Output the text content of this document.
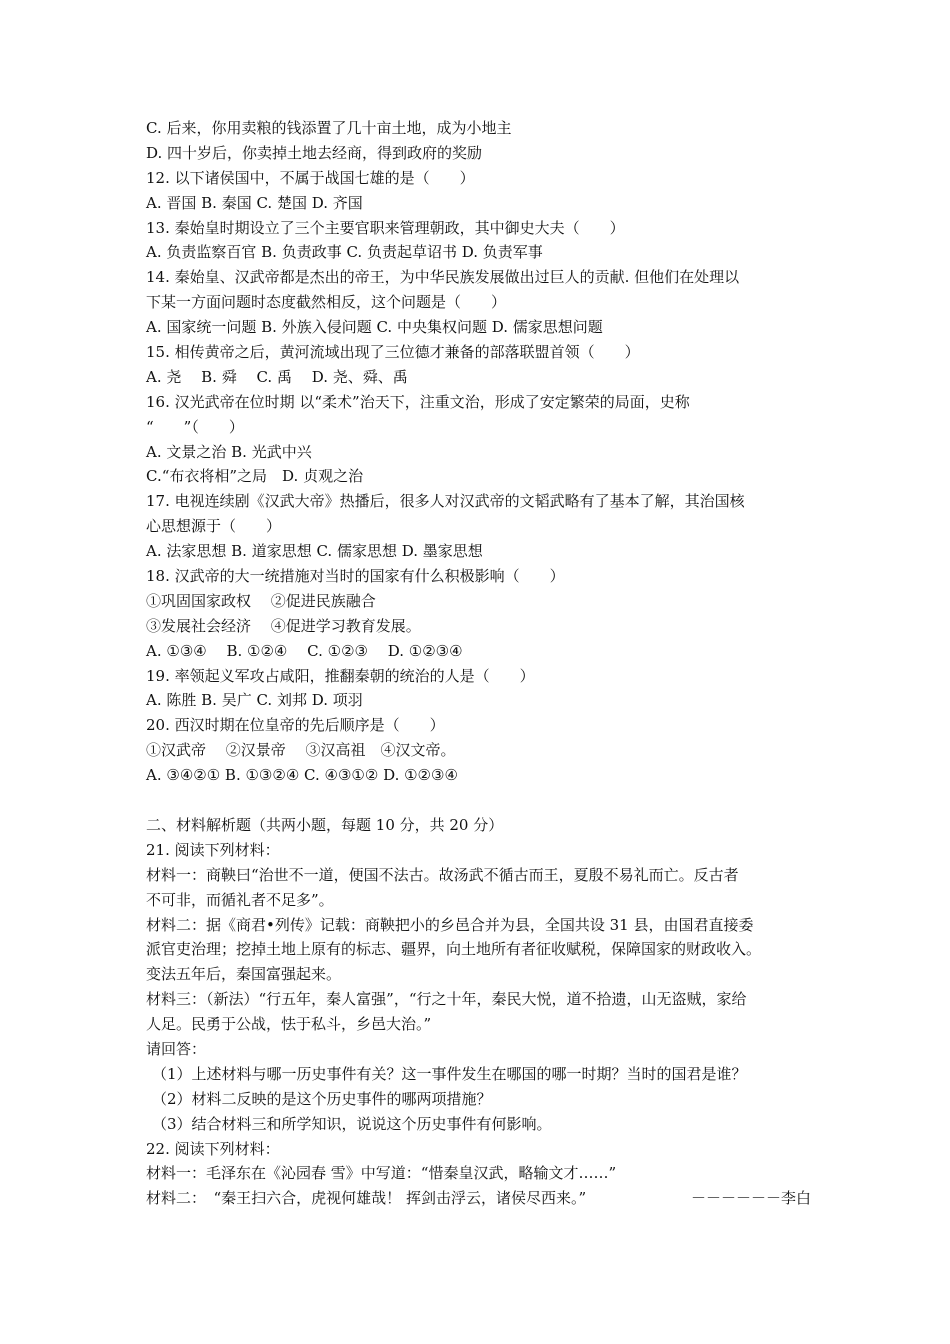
C. 后来，你用卖粮的钱添置了几十亩土地，成为小地主
D. 四十岁后，你卖掉土地去经商，得到政府的奖励
12. 以下诸侯国中，不属于战国七雄的是（　　）
A. 晋国 B. 秦国 C. 楚国 D. 齐国
13. 秦始皇时期设立了三个主要官职来管理朝政，其中御史大夫（　　）
A. 负责监察百官 B. 负责政事 C. 负责起草诏书 D. 负责军事
14. 秦始皇、汉武帝都是杰出的帝王，为中华民族发展做出过巨人的贡献. 但他们在处理以
下某一方面问题时态度截然相反，这个问题是（　　）
A. 国家统一问题 B. 外族入侵问题 C. 中央集权问题 D. 儒家思想问题
15. 相传黄帝之后，黄河流域出现了三位德才兼备的部落联盟首领（　　）
A. 尧　 B. 舜　 C. 禹　 D. 尧、舜、禹
16. 汉光武帝在位时期 以“柔术”治天下，注重文治，形成了安定繁荣的局面，史称
“　　”（　　）
A. 文景之治 B. 光武中兴
C.“布衣将相”之局　D. 贞观之治
17. 电视连续剧《汉武大帝》热播后，很多人对汉武帝的文韬武略有了基本了解，其治国核
心思想源于（　　）
A. 法家思想 B. 道家思想 C. 儒家思想 D. 墨家思想
18. 汉武帝的大一统措施对当时的国家有什么积极影响（　　）
①巩固国家政权　 ②促进民族融合
③发展社会经济　 ④促进学习教育发展。
A. ①③④　 B. ①②④　 C. ①②③　 D. ①②③④
19. 率领起义军攻占咸阳，推翻秦朝的统治的人是（　　）
A. 陈胜 B. 吴广 C. 刘邦 D. 项羽
20. 西汉时期在位皇帝的先后顺序是（　　）
①汉武帝　 ②汉景帝　 ③汉高祖　④汉文帝。
A. ③④②① B. ①③②④ C. ④③①② D. ①②③④
二、材料解析题（共两小题，每题 10 分，共 20 分）
21. 阅读下列材料：
材料一：商鞅曰“治世不一道，便国不法古。故汤武不循古而王，夏殷不易礼而亡。反古者
不可非，而循礼者不足多”。
材料二：据《商君•列传》记载：商鞅把小的乡邑合并为县，全国共设 31 县，由国君直接委
派官吏治理；挖掉土地上原有的标志、疆界，向土地所有者征收赋税，保障国家的财政收入。
变法五年后，秦国富强起来。
材料三：（新法）“行五年，秦人富强”，“行之十年，秦民大悦，道不拾遗，山无盗贼，家给
人足。民勇于公战，怯于私斗，乡邑大治。”
请回答：
（1）上述材料与哪一历史事件有关？这一事件发生在哪国的哪一时期？当时的国君是谁？
（2）材料二反映的是这个历史事件的哪两项措施？
（3）结合材料三和所学知识，说说这个历史事件有何影响。
22. 阅读下列材料：
材料一：毛泽东在《沁园春 雪》中写道：“惜秦皇汉武，略输文才……”
材料二：　“秦王扫六合，虎视何雄哉！ 挥剑击浮云，诸侯尽西来。”	－－－－－－李白
